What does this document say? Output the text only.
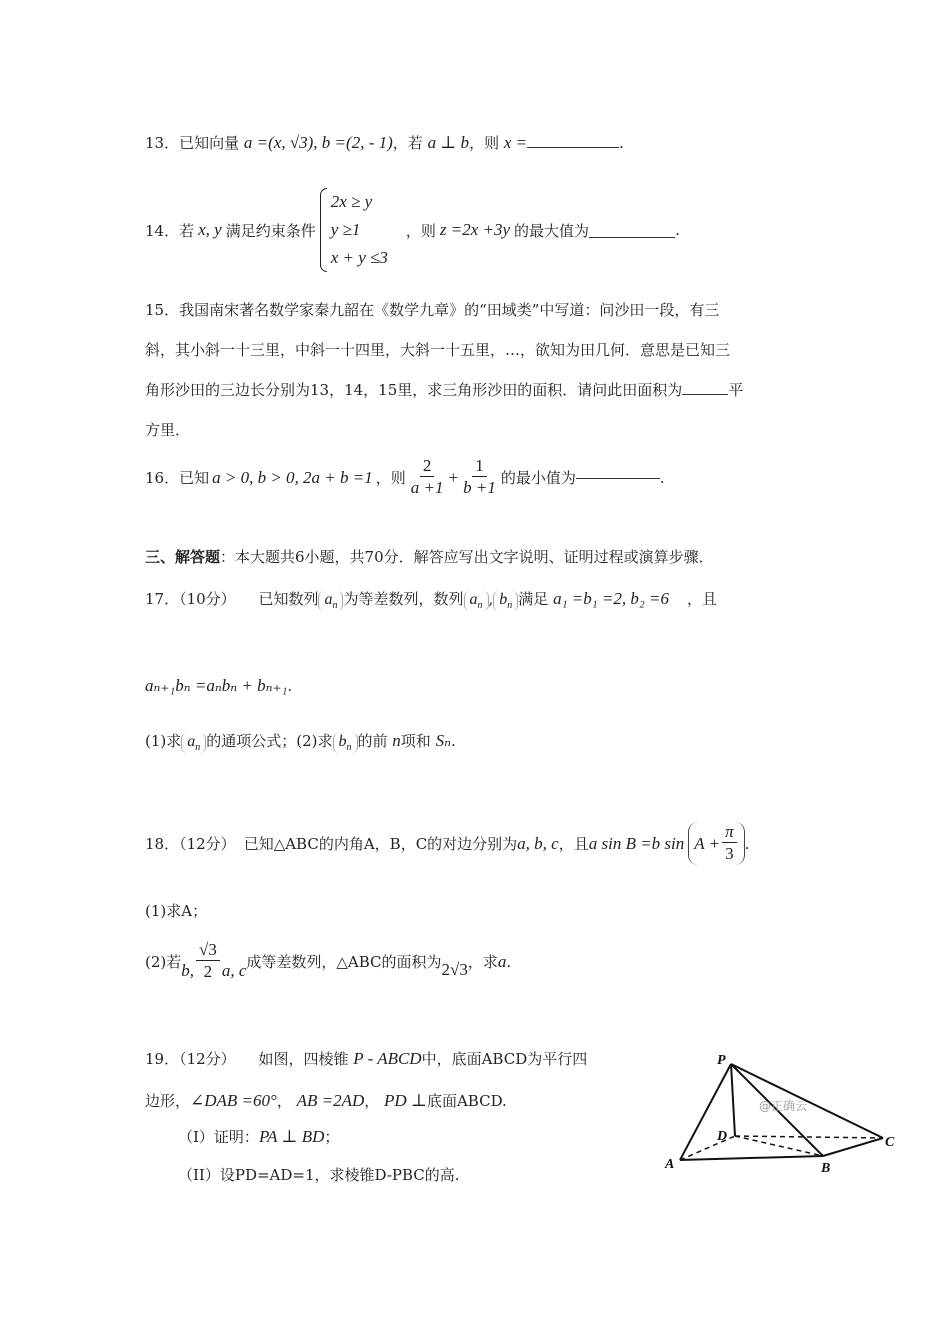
13．已知向量 a =(x, √3), b =(2, - 1)，若 a ⊥ b，则 x =	.
14． 若 x, y 满足约束条件
2x ≥ y
y ≥1
x + y ≤3
，则 z =2x +3y 的最大值为	.
15．我国南宋著名数学家秦九韶在《数学九章》的“田域类”中写道：问沙田一段，有三
斜，其小斜一十三里，中斜一十四里，大斜一十五里，…，欲知为田几何．意思是已知三
角形沙田的三边长分别为13，14，15里，求三角形沙田的面积．请问此田面积为	平
方里．
16． 已知 a > 0, b > 0, 2a + b =1 ，则 $\frac{2}{a +1} + \frac{1}{b +1}$ 的最小值为	.
三、解答题：本大题共6小题，共70分．解答应写出文字说明、证明过程或演算步骤．
17．（10分） 已知数列 $a_n$ 为等差数列，数列 $a_n$ , $b_n$ 满足 a₁ =b₁ =2, b₂ =6 ，且
aₙ₊₁bₙ =aₙbₙ + bₙ₊₁.
(1)求 $a_n$ 的通项公式；(2)求 $b_n$ 的前 n项和 Sₙ.
18．（12分） 已知△ABC的内角A，B，C的对边分别为 a, b, c ，且 a sin B =b $\sin A + \frac{\pi}{3}$ .
(1)求A；
(2)若 b, $\frac{√3}{2} a$, c 成等差数列，△ABC的面积为 2√3 ，求 a .
19．（12分） 如图，四棱锥 P - ABCD中，底面ABCD为平行四
边形，∠DAB =60°， AB =2AD， PD ⊥底面ABCD.
（I）证明：PA ⊥ BD；
（II）设PD=AD=1，求棱锥D-PBC的高.
P
D
A	B
C
@正确云
